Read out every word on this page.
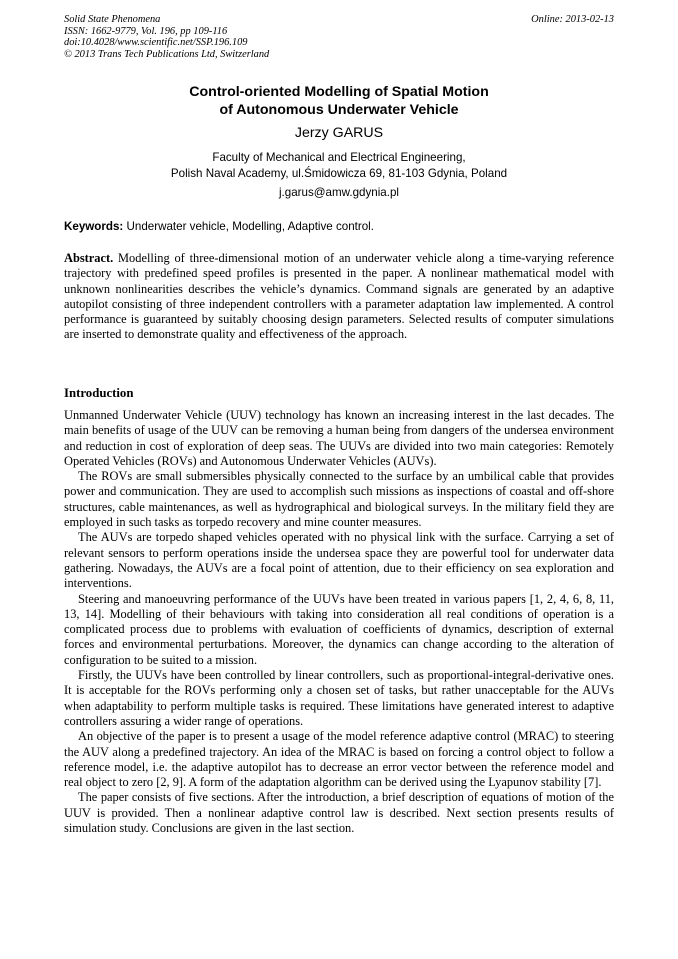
Solid State Phenomena
ISSN: 1662-9779, Vol. 196, pp 109-116
doi:10.4028/www.scientific.net/SSP.196.109
© 2013 Trans Tech Publications Ltd, Switzerland
Online: 2013-02-13
Control-oriented Modelling of Spatial Motion
of Autonomous Underwater Vehicle
Jerzy GARUS
Faculty of Mechanical and Electrical Engineering,
Polish Naval Academy, ul.Śmidowicza 69, 81-103 Gdynia, Poland
j.garus@amw.gdynia.pl
Keywords: Underwater vehicle, Modelling, Adaptive control.
Abstract. Modelling of three-dimensional motion of an underwater vehicle along a time-varying reference trajectory with predefined speed profiles is presented in the paper. A nonlinear mathematical model with unknown nonlinearities describes the vehicle’s dynamics. Command signals are generated by an adaptive autopilot consisting of three independent controllers with a parameter adaptation law implemented. A control performance is guaranteed by suitably choosing design parameters. Selected results of computer simulations are inserted to demonstrate quality and effectiveness of the approach.
Introduction

Unmanned Underwater Vehicle (UUV) technology has known an increasing interest in the last decades. The main benefits of usage of the UUV can be removing a human being from dangers of the undersea environment and reduction in cost of exploration of deep seas. The UUVs are divided into two main categories: Remotely Operated Vehicles (ROVs) and Autonomous Underwater Vehicles (AUVs).

The ROVs are small submersibles physically connected to the surface by an umbilical cable that provides power and communication. They are used to accomplish such missions as inspections of coastal and off-shore structures, cable maintenances, as well as hydrographical and biological surveys. In the military field they are employed in such tasks as torpedo recovery and mine counter measures.

The AUVs are torpedo shaped vehicles operated with no physical link with the surface. Carrying a set of relevant sensors to perform operations inside the undersea space they are powerful tool for underwater data gathering. Nowadays, the AUVs are a focal point of attention, due to their efficiency on sea exploration and interventions.

Steering and manoeuvring performance of the UUVs have been treated in various papers [1, 2, 4, 6, 8, 11, 13, 14]. Modelling of their behaviours with taking into consideration all real conditions of operation is a complicated process due to problems with evaluation of coefficients of dynamics, description of external forces and environmental perturbations. Moreover, the dynamics can change according to the alteration of configuration to be suited to a mission.

Firstly, the UUVs have been controlled by linear controllers, such as proportional-integral-derivative ones. It is acceptable for the ROVs performing only a chosen set of tasks, but rather unacceptable for the AUVs when adaptability to perform multiple tasks is required. These limitations have generated interest to adaptive controllers assuring a wider range of operations.

An objective of the paper is to present a usage of the model reference adaptive control (MRAC) to steering the AUV along a predefined trajectory. An idea of the MRAC is based on forcing a control object to follow a reference model, i.e. the adaptive autopilot has to decrease an error vector between the reference model and real object to zero [2, 9]. A form of the adaptation algorithm can be derived using the Lyapunov stability [7].

The paper consists of five sections. After the introduction, a brief description of equations of motion of the UUV is provided. Then a nonlinear adaptive control law is described. Next section presents results of simulation study. Conclusions are given in the last section.
